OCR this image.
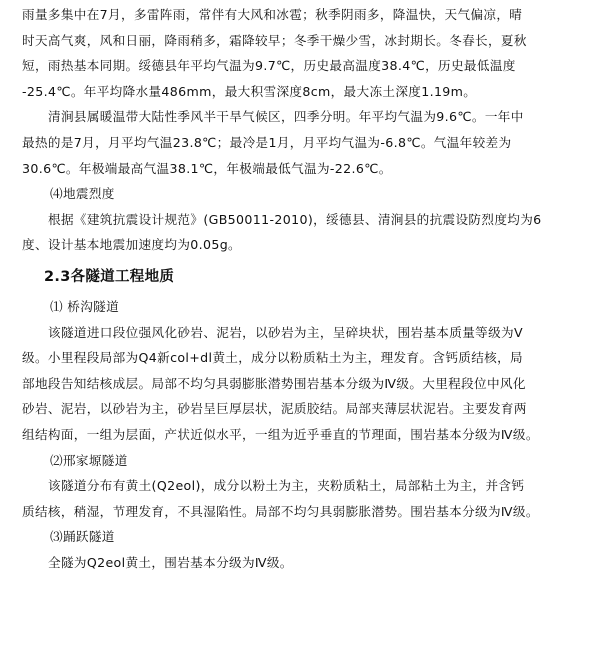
雨量多集中在7月，多雷阵雨，常伴有大风和冰雹；秋季阴雨多，降温快，天气偏凉，晴
时天高气爽，风和日丽，降雨稍多，霜降较早；冬季干燥少雪，冰封期长。冬春长，夏秋
短，雨热基本同期。绥德县年平均气温为9.7℃，历史最高温度38.4℃，历史最低温度
-25.4℃。年平均降水量486mm，最大积雪深度8cm，最大冻土深度1.19m。
清涧县属暖温带大陆性季风半干旱气候区，四季分明。年平均气温为9.6℃。一年中
最热的是7月，月平均气温23.8℃；最冷是1月，月平均气温为-6.8℃。气温年较差为
30.6℃。年极端最高气温38.1℃，年极端最低气温为-22.6℃。
⑷地震烈度
根据《建筑抗震设计规范》(GB50011-2010)，绥德县、清涧县的抗震设防烈度均为6
度、设计基本地震加速度均为0.05g。
2.3各隧道工程地质
⑴ 桥沟隧道
该隧道进口段位强风化砂岩、泥岩，以砂岩为主，呈碎块状，围岩基本质量等级为Ⅴ
级。小里程段局部为Q4新col+dl黄土，成分以粉质粘土为主，理发育。含钙质结核，局
部地段告知结核成层。局部不均匀具弱膨胀潜势围岩基本分级为Ⅳ级。大里程段位中风化
砂岩、泥岩，以砂岩为主，砂岩呈巨厚层状，泥质胶结。局部夹薄层状泥岩。主要发育两
组结构面，一组为层面，产状近似水平，一组为近乎垂直的节理面，围岩基本分级为Ⅳ级。
⑵邢家塬隧道
该隧道分布有黄土(Q2eol)，成分以粉土为主，夹粉质粘土，局部粘土为主，并含钙
质结核，稍湿，节理发育，不具湿陷性。局部不均匀具弱膨胀潜势。围岩基本分级为Ⅳ级。
⑶踊跃隧道
全隧为Q2eol黄土，围岩基本分级为Ⅳ级。
